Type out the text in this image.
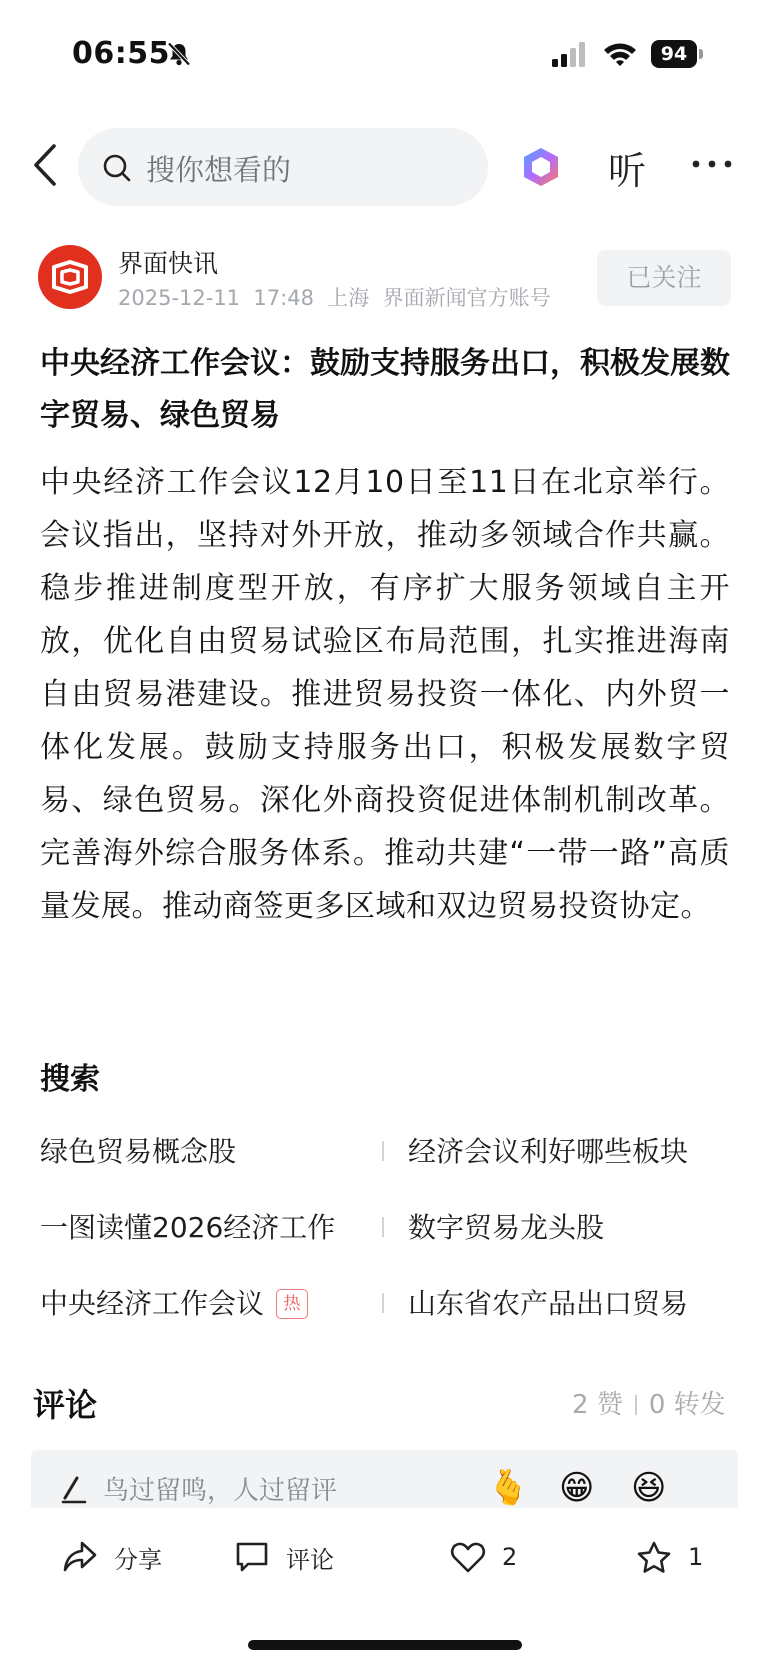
06:55	94
搜你想看的	听
界面快讯
2025-12-11 17:48 上海 界面新闻官方账号
已关注
中央经济工作会议：鼓励支持服务出口，积极发展数字贸易、绿色贸易
中央经济工作会议12月10日至11日在北京举行。会议指出，坚持对外开放，推动多领域合作共赢。稳步推进制度型开放，有序扩大服务领域自主开放，优化自由贸易试验区布局范围，扎实推进海南自由贸易港建设。推进贸易投资一体化、内外贸一体化发展。鼓励支持服务出口，积极发展数字贸易、绿色贸易。深化外商投资促进体制机制改革。完善海外综合服务体系。推动共建“一带一路”高质量发展。推动商签更多区域和双边贸易投资协定。
搜索
绿色贸易概念股	经济会议利好哪些板块
一图读懂2026经济工作	数字贸易龙头股
中央经济工作会议 热	山东省农产品出口贸易
评论	2 赞 0 转发
鸟过留鸣，人过留评	🫰 😁 😆
分享	评论	2	1
